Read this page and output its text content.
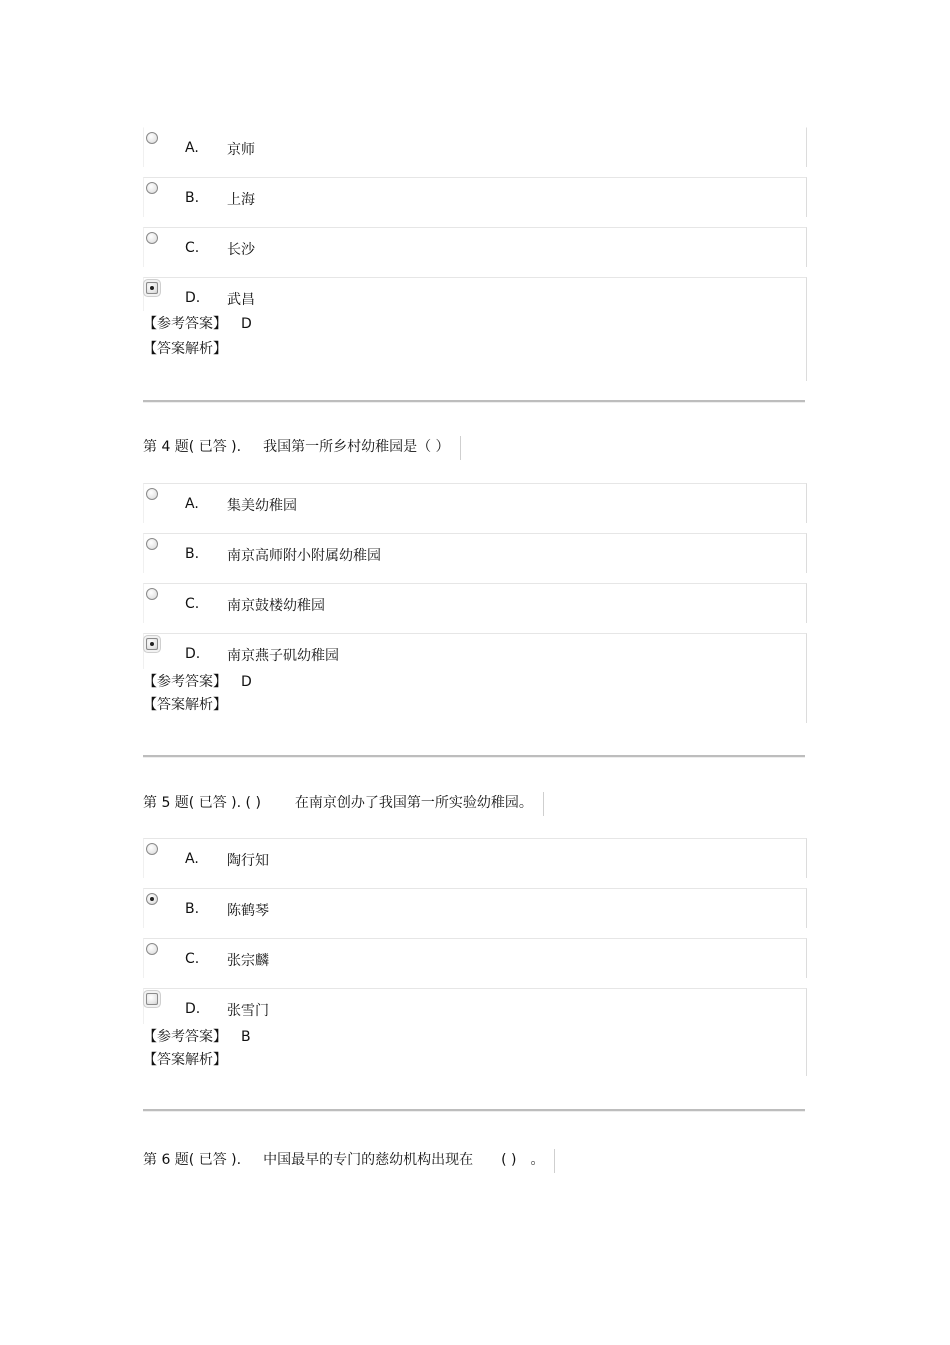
A. 京师
B. 上海
C. 长沙
D. 武昌
【参考答案】 D
【答案解析】
第 4 题( 已答 ). 我国第一所乡村幼稚园是（ ）
A. 集美幼稚园
B. 南京高师附小附属幼稚园
C. 南京鼓楼幼稚园
D. 南京燕子矶幼稚园
【参考答案】 D
【答案解析】
第 5 题( 已答 ). ( ) 在南京创办了我国第一所实验幼稚园。
A. 陶行知
B. 陈鹤琴
C. 张宗麟
D. 张雪门
【参考答案】 B
【答案解析】
第 6 题( 已答 ). 中国最早的专门的慈幼机构出现在 ( ) 。
